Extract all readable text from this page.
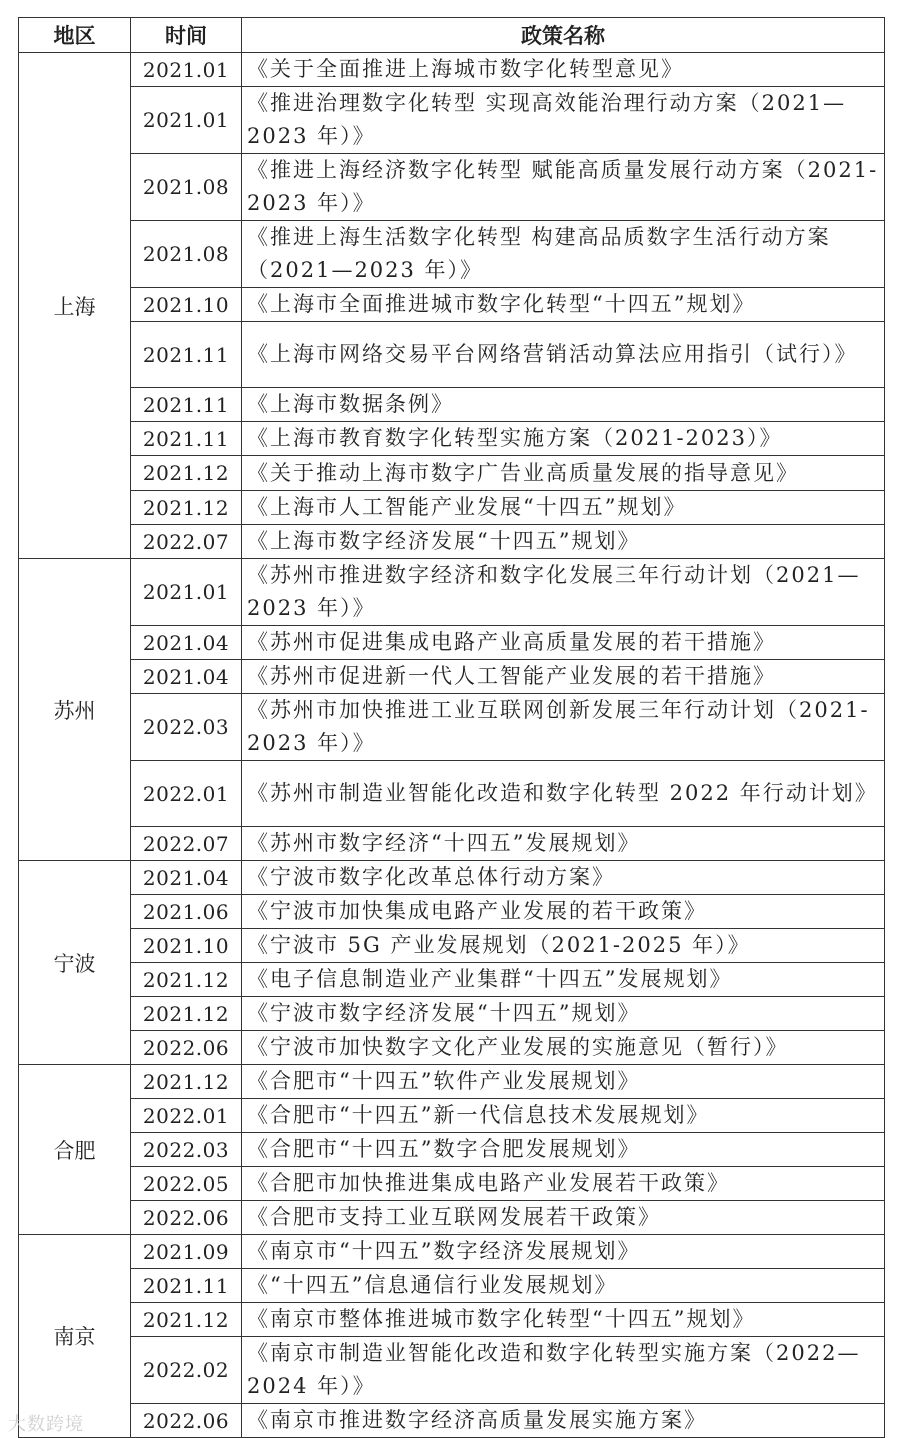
地区	时间	政策名称
上海	2021.01	《关于全面推进上海城市数字化转型意见》
	2021.01	《推进治理数字化转型 实现高效能治理行动方案（2021—2023 年）》
	2021.08	《推进上海经济数字化转型 赋能高质量发展行动方案（2021-2023 年）》
	2021.08	《推进上海生活数字化转型 构建高品质数字生活行动方案（2021—2023 年）》
	2021.10	《上海市全面推进城市数字化转型“十四五”规划》
	2021.11	《上海市网络交易平台网络营销活动算法应用指引（试行）》
	2021.11	《上海市数据条例》
	2021.11	《上海市教育数字化转型实施方案（2021-2023）》
	2021.12	《关于推动上海市数字广告业高质量发展的指导意见》
	2021.12	《上海市人工智能产业发展“十四五”规划》
	2022.07	《上海市数字经济发展“十四五”规划》
苏州	2021.01	《苏州市推进数字经济和数字化发展三年行动计划（2021—2023 年）》
	2021.04	《苏州市促进集成电路产业高质量发展的若干措施》
	2021.04	《苏州市促进新一代人工智能产业发展的若干措施》
	2022.03	《苏州市加快推进工业互联网创新发展三年行动计划（2021-2023 年）》
	2022.01	《苏州市制造业智能化改造和数字化转型 2022 年行动计划》
	2022.07	《苏州市数字经济“十四五”发展规划》
宁波	2021.04	《宁波市数字化改革总体行动方案》
	2021.06	《宁波市加快集成电路产业发展的若干政策》
	2021.10	《宁波市 5G 产业发展规划（2021-2025 年）》
	2021.12	《电子信息制造业产业集群“十四五”发展规划》
	2021.12	《宁波市数字经济发展“十四五”规划》
	2022.06	《宁波市加快数字文化产业发展的实施意见（暂行）》
合肥	2021.12	《合肥市“十四五”软件产业发展规划》
	2022.01	《合肥市“十四五”新一代信息技术发展规划》
	2022.03	《合肥市“十四五”数字合肥发展规划》
	2022.05	《合肥市加快推进集成电路产业发展若干政策》
	2022.06	《合肥市支持工业互联网发展若干政策》
南京	2021.09	《南京市“十四五”数字经济发展规划》
	2021.11	《“十四五”信息通信行业发展规划》
	2021.12	《南京市整体推进城市数字化转型“十四五”规划》
	2022.02	《南京市制造业智能化改造和数字化转型实施方案（2022—2024 年）》
	2022.06	《南京市推进数字经济高质量发展实施方案》
大数跨境
